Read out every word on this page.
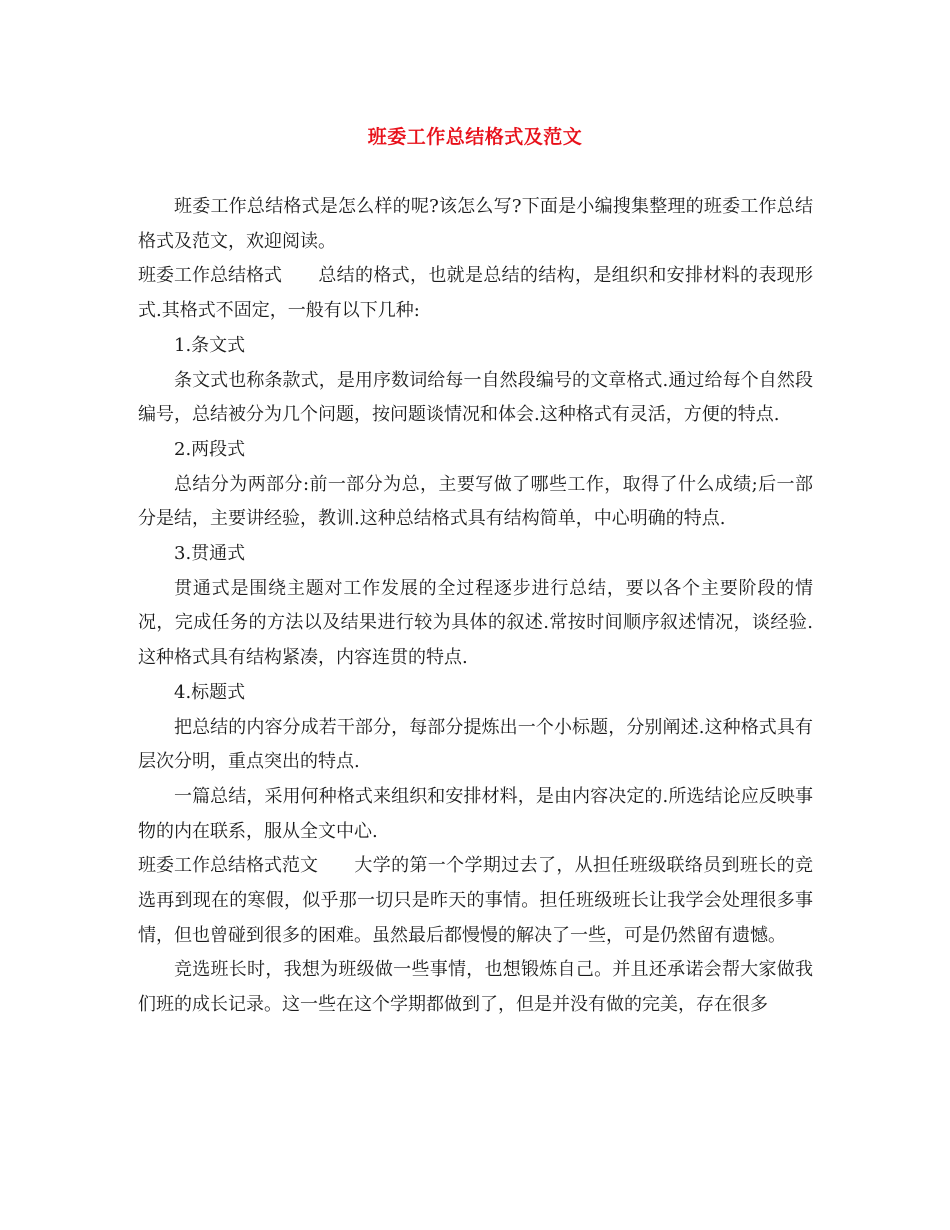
班委工作总结格式及范文

班委工作总结格式是怎么样的呢?该怎么写?下面是小编搜集整理的班委工作总结格式及范文，欢迎阅读。

班委工作总结格式 总结的格式，也就是总结的结构，是组织和安排材料的表现形式.其格式不固定，一般有以下几种:

1.条文式

条文式也称条款式，是用序数词给每一自然段编号的文章格式.通过给每个自然段编号，总结被分为几个问题，按问题谈情况和体会.这种格式有灵活，方便的特点.

2.两段式

总结分为两部分:前一部分为总，主要写做了哪些工作，取得了什么成绩;后一部分是结，主要讲经验，教训.这种总结格式具有结构简单，中心明确的特点.

3.贯通式

贯通式是围绕主题对工作发展的全过程逐步进行总结，要以各个主要阶段的情况，完成任务的方法以及结果进行较为具体的叙述.常按时间顺序叙述情况，谈经验.这种格式具有结构紧凑，内容连贯的特点.

4.标题式

把总结的内容分成若干部分，每部分提炼出一个小标题，分别阐述.这种格式具有层次分明，重点突出的特点.

一篇总结，采用何种格式来组织和安排材料，是由内容决定的.所选结论应反映事物的内在联系，服从全文中心.

班委工作总结格式范文 大学的第一个学期过去了，从担任班级联络员到班长的竞选再到现在的寒假，似乎那一切只是昨天的事情。担任班级班长让我学会处理很多事情，但也曾碰到很多的困难。虽然最后都慢慢的解决了一些，可是仍然留有遗憾。

竞选班长时，我想为班级做一些事情，也想锻炼自己。并且还承诺会帮大家做我们班的成长记录。这一些在这个学期都做到了，但是并没有做的完美，存在很多
